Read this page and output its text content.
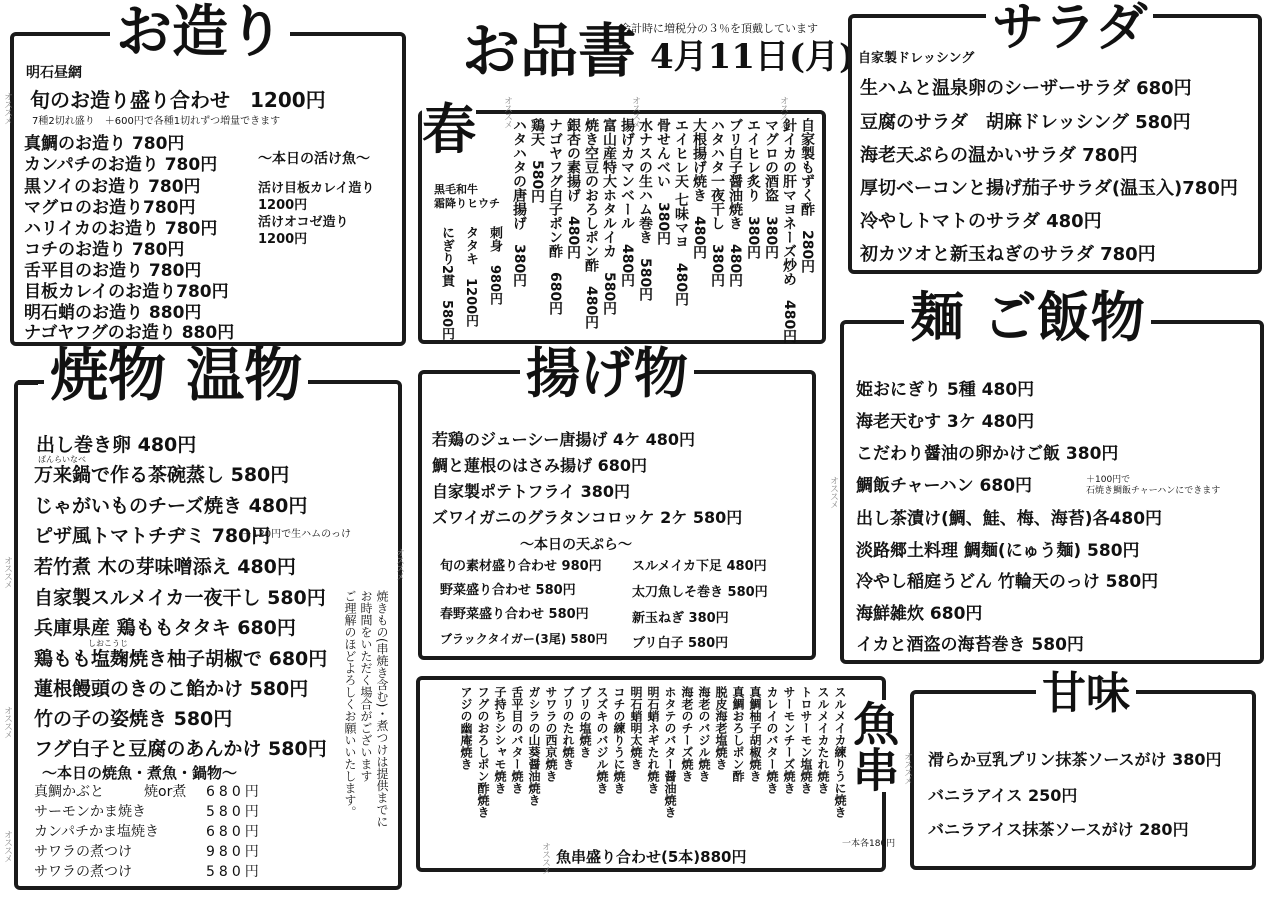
お造り
明石昼網
旬のお造り盛り合わせ　1200円
7種2切れ盛り　＋600円で各種1切れずつ増量できます
真鯛のお造り 780円
カンパチのお造り 780円
黒ソイのお造り 780円
マグロのお造り780円
ハリイカのお造り 780円
コチのお造り 780円
舌平目のお造り 780円
目板カレイのお造り780円
明石蛸のお造り 880円
ナゴヤフグのお造り 880円
〜本日の活け魚〜
活け目板カレイ造り
1200円
活けオコゼ造り
1200円
お品書 4月11日(月)
会計時に増税分の３％を頂戴しています
春
黒毛和牛
霜降りヒウチ
刺身　980円
タタキ　1200円
にぎり2貫　580円
自家製もずく酢　280円
針イカの肝マヨネーズ炒め　480円
マグロの酒盗　380円
エイヒレ炙り　380円
ブリ白子醤油焼き　480円
ハタハタ一夜干し　380円
大根揚げ焼き　480円
エイヒレ天 七味マヨ　480円
骨せんべい　380円
水ナスの生ハム巻き　580円
揚げカマンベール　480円
富山産特大ホタルイカ　580円
焼き空豆のおろしポン酢　480円
銀杏の素揚げ　480円
ナゴヤフグ白子ポン酢　680円
鶏天　580円
ハタハタの唐揚げ　380円
サラダ
自家製ドレッシング
生ハムと温泉卵のシーザーサラダ 680円
豆腐のサラダ　胡麻ドレッシング 580円
海老天ぷらの温かいサラダ 780円
厚切ベーコンと揚げ茄子サラダ(温玉入)780円
冷やしトマトのサラダ 480円
初カツオと新玉ねぎのサラダ 780円
焼物 温物
出し巻き卵 480円
ばんらいなべ
万来鍋で作る茶碗蒸し 580円
じゃがいものチーズ焼き 480円
ピザ風トマトチヂミ 780円
＋120円で生ハムのっけ
若竹煮 木の芽味噌添え 480円
自家製スルメイカ一夜干し 580円
兵庫県産 鶏ももタタキ 680円
しおこうじ
鶏もも塩麹焼き柚子胡椒で 680円
蓮根饅頭のきのこ餡かけ 580円
竹の子の姿焼き 580円
フグ白子と豆腐のあんかけ 580円
〜本日の焼魚・煮魚・鍋物〜
真鯛かぶと	焼or煮 680円
サーモンかま焼き	580円
カンパチかま塩焼き	680円
サワラの煮つけ	980円
サワラの煮つけ	580円
焼きもの(串焼き含む)・煮つけは提供までに
お時間をいただく場合がございます
ご理解のほどよろしくお願いいたします。
揚げ物
若鶏のジューシー唐揚げ 4ケ 480円
鯛と蓮根のはさみ揚げ 680円
自家製ポテトフライ 380円
ズワイガニのグラタンコロッケ 2ケ 580円
〜本日の天ぷら〜
旬の素材盛り合わせ 980円
野菜盛り合わせ 580円
春野菜盛り合わせ 580円
ブラックタイガー(3尾) 580円
スルメイカ下足 480円
太刀魚しそ巻き 580円
新玉ねぎ 380円
ブリ白子 580円
麺 ご飯物
姫おにぎり 5種 480円
海老天むす 3ケ 480円
こだわり醤油の卵かけご飯 380円
鯛飯チャーハン 680円	＋100円で
石焼き鯛飯チャーハンにできます
出し茶漬け(鯛、鮭、梅、海苔)各480円
淡路郷土料理 鯛麺(にゅう麺) 580円
冷やし稲庭うどん 竹輪天のっけ 580円
海鮮雑炊 680円
イカと酒盗の海苔巻き 580円
魚串
スルメイカ練りうに焼き
スルメイカたれ焼き
トロサーモン塩焼き
サーモンチーズ焼き
カレイのバター焼き
真鯛柚子胡椒焼き
真鯛おろしポン酢
脱皮海老塩焼き
海老のバジル焼き
海老のチーズ焼き
ホタテのバター醤油焼き
明石蛸ネギたれ焼き
明石蛸明太焼き
コチの練りうに焼き
スズキのバジル焼き
ブリの塩焼き
ブリのたれ焼き
サワラの西京焼き
ガシラの山葵醤油焼き
舌平目のバター焼き
子持ちシシャモ焼き
フグのおろしポン酢焼き
アジの幽庵焼き
一本各180円
魚串盛り合わせ(5本)880円
甘味
滑らか豆乳プリン抹茶ソースがけ 380円
バニラアイス 250円
バニラアイス抹茶ソースがけ 280円
オススメ	オススメ	オススメ	オススメ
オススメ
オススメ
オススメ
オススメ
オススメ
オススメ
オススメ
